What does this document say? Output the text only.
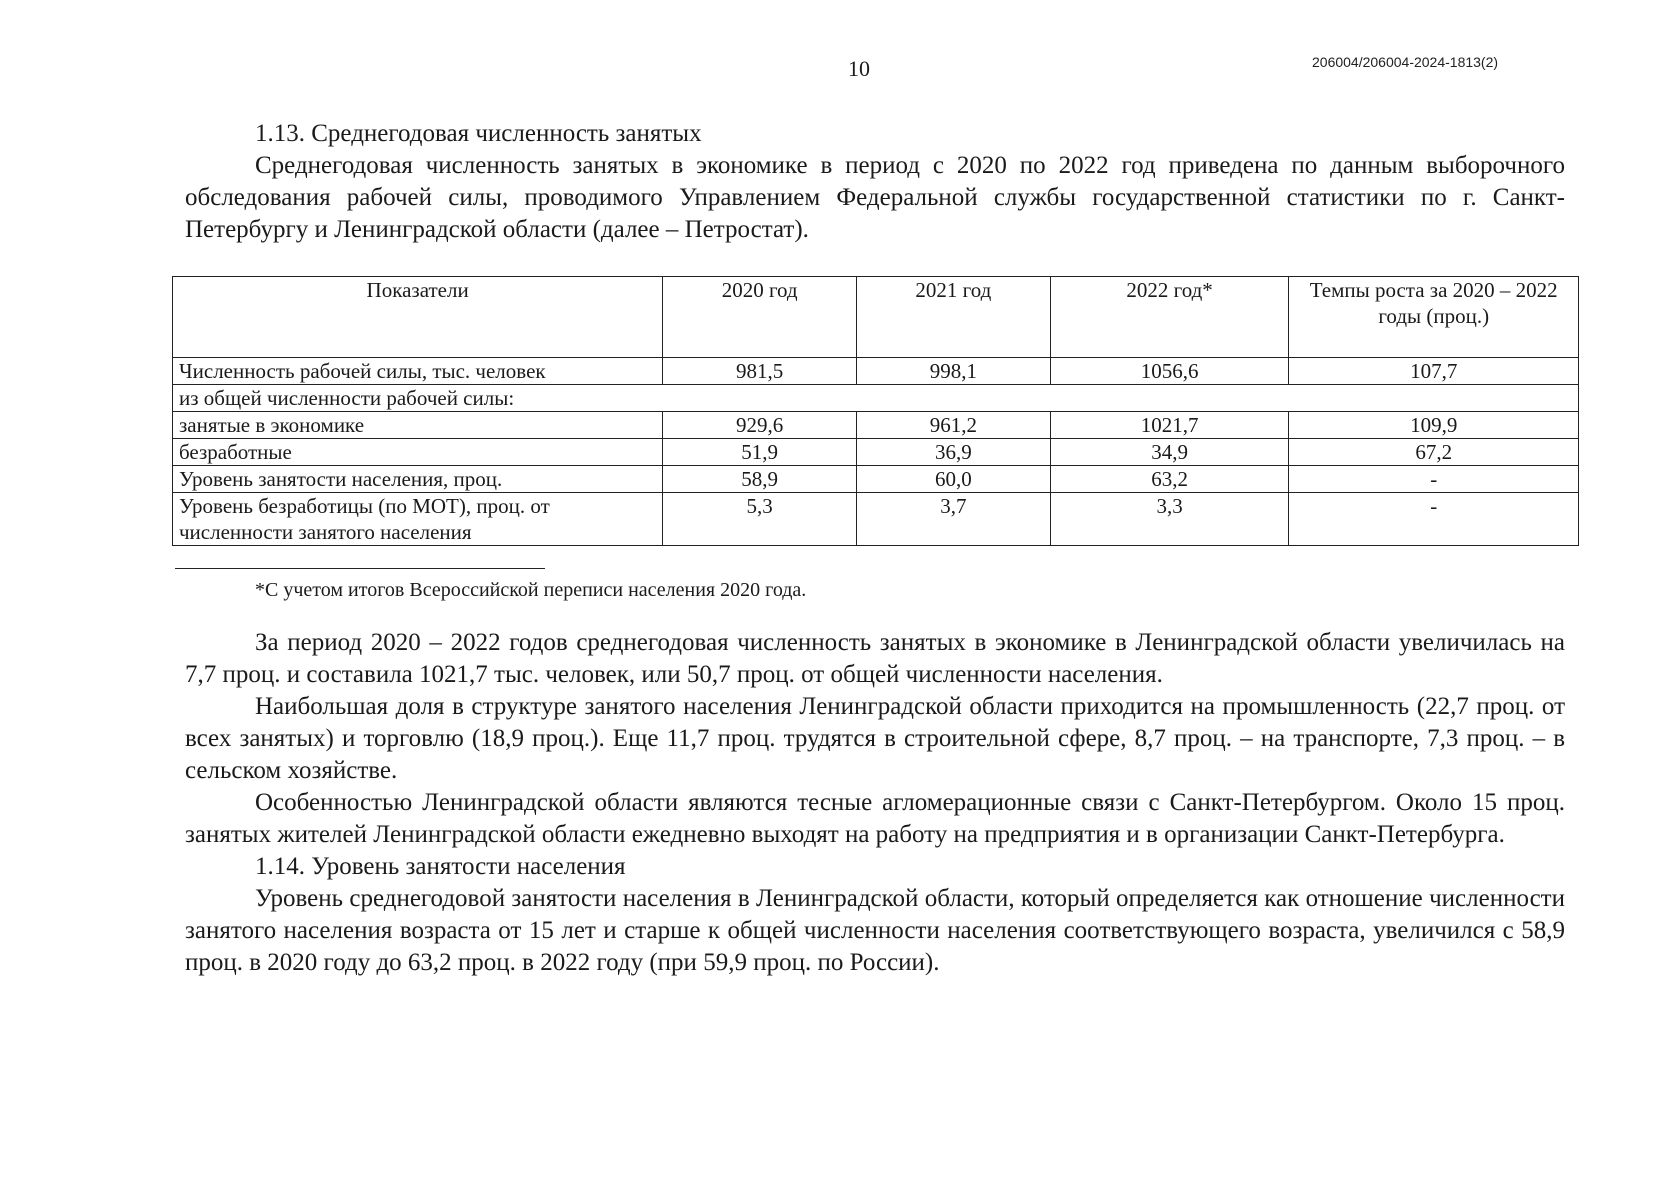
10	206004/206004-2024-1813(2)

1.13. Среднегодовая численность занятых

Среднегодовая численность занятых в экономике в период с 2020 по 2022 год приведена по данным выборочного обследования рабочей силы, проводимого Управлением Федеральной службы государственной статистики по г. Санкт-Петербургу и Ленинградской области (далее – Петростат).

Показатели	2020 год	2021 год	2022 год*	Темпы роста за 2020 – 2022 годы (проц.)
Численность рабочей силы, тыс. человек	981,5	998,1	1056,6	107,7
из общей численности рабочей силы:				
занятые в экономике	929,6	961,2	1021,7	109,9
безработные	51,9	36,9	34,9	67,2
Уровень занятости населения, проц.	58,9	60,0	63,2	-
Уровень безработицы (по МОТ), проц. от численности занятого населения	5,3	3,7	3,3	-

*С учетом итогов Всероссийской переписи населения 2020 года.

За период 2020 – 2022 годов среднегодовая численность занятых в экономике в Ленинградской области увеличилась на 7,7 проц. и составила 1021,7 тыс. человек, или 50,7 проц. от общей численности населения.

Наибольшая доля в структуре занятого населения Ленинградской области приходится на промышленность (22,7 проц. от всех занятых) и торговлю (18,9 проц.). Еще 11,7 проц. трудятся в строительной сфере, 8,7 проц. – на транспорте, 7,3 проц. – в сельском хозяйстве.

Особенностью Ленинградской области являются тесные агломерационные связи с Санкт-Петербургом. Около 15 проц. занятых жителей Ленинградской области ежедневно выходят на работу на предприятия и в организации Санкт-Петербурга.

1.14. Уровень занятости населения

Уровень среднегодовой занятости населения в Ленинградской области, который определяется как отношение численности занятого населения возраста от 15 лет и старше к общей численности населения соответствующего возраста, увеличился с 58,9 проц. в 2020 году до 63,2 проц. в 2022 году (при 59,9 проц. по России).
